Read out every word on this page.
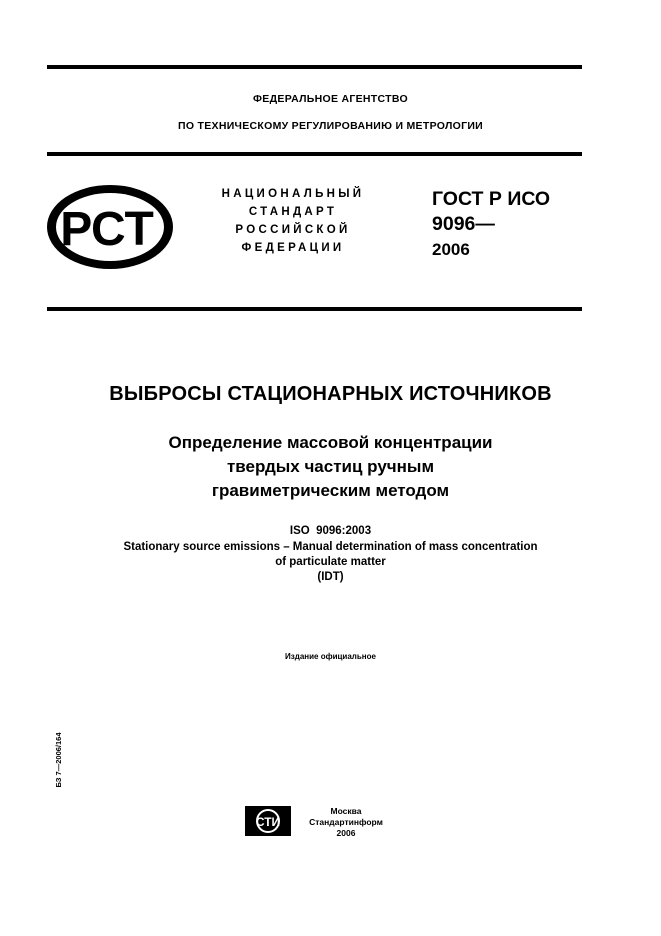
ФЕДЕРАЛЬНОЕ АГЕНТСТВО
ПО ТЕХНИЧЕСКОМУ РЕГУЛИРОВАНИЮ И МЕТРОЛОГИИ
РСТ
НАЦИОНАЛЬНЫЙ
СТАНДАРТ
РОССИЙСКОЙ
ФЕДЕРАЦИИ
ГОСТ Р ИСО
9096—
2006
ВЫБРОСЫ СТАЦИОНАРНЫХ ИСТОЧНИКОВ
Определение массовой концентрации
твердых частиц ручным
гравиметрическим методом
ISO  9096:2003
Stationary source emissions – Manual determination of mass concentration
of particulate matter
(IDT)
Издание официальное
БЗ 7—2006/164
СТИ
Москва
Стандартинформ
2006
